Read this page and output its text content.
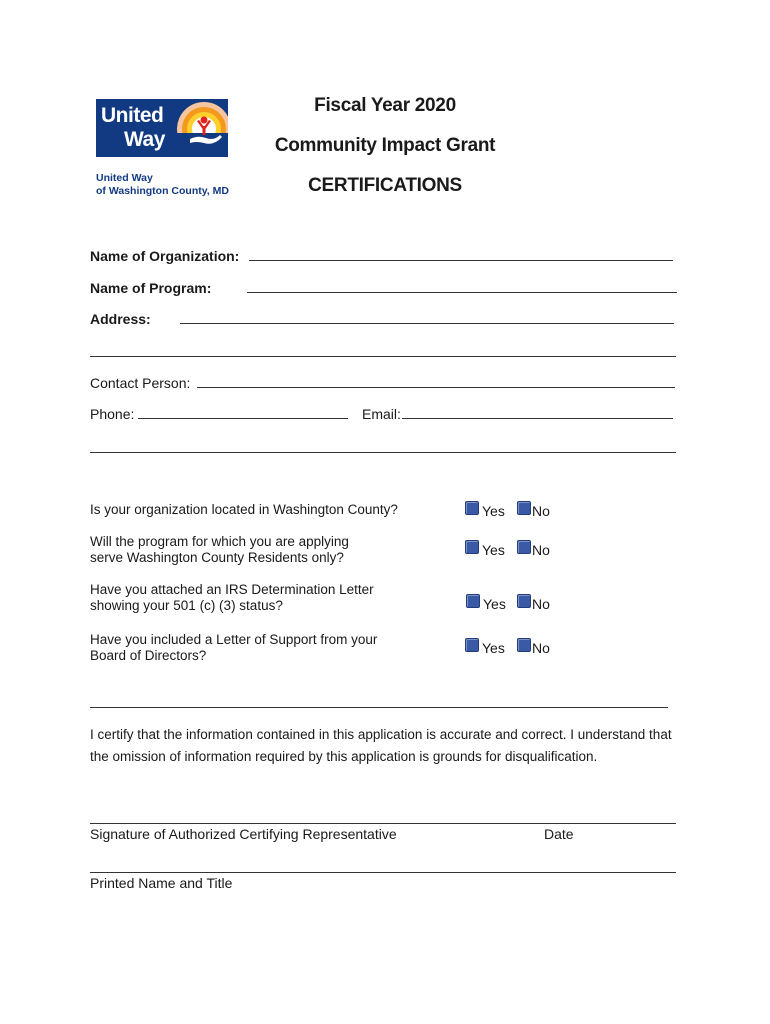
United
Way
United Way
of Washington County, MD
Fiscal Year 2020
Community Impact Grant
CERTIFICATIONS
Name of Organization:
Name of Program:
Address:
Contact Person:
Phone:	Email:
Is your organization located in Washington County?	Yes No
Will the program for which you are applying
serve Washington County Residents only?	Yes No
Have you attached an IRS Determination Letter
showing your 501 (c) (3) status?	Yes No
Have you included a Letter of Support from your
Board of Directors?	Yes No
I certify that the information contained in this application is accurate and correct. I understand that the omission of information required by this application is grounds for disqualification.
Signature of Authorized Certifying Representative	Date
Printed Name and Title
